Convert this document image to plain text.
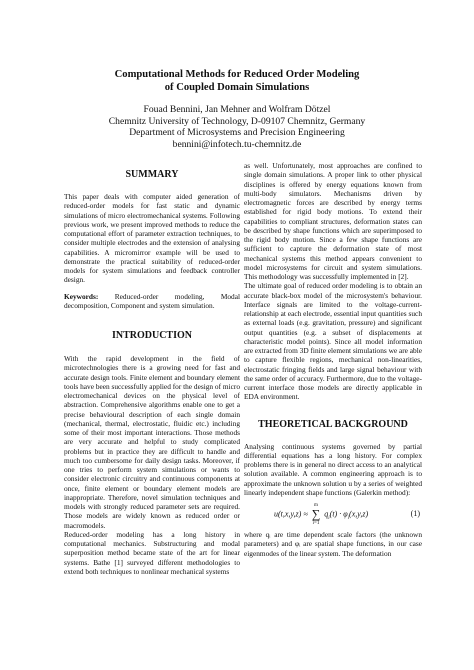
Computational Methods for Reduced Order Modeling
of Coupled Domain Simulations
Fouad Bennini, Jan Mehner and Wolfram Dötzel
Chemnitz University of Technology, D-09107 Chemnitz, Germany
Department of Microsystems and Precision Engineering
bennini@infotech.tu-chemnitz.de
SUMMARY

This paper deals with computer aided generation of reduced-order models for fast static and dynamic simulations of micro electromechanical systems. Following previous work, we present improved methods to reduce the computational effort of parameter extraction techniques, to consider multiple electrodes and the extension of analysing capabilities. A micromirror example will be used to demonstrate the practical suitability of reduced-order models for system simulations and feedback controller design.

Keywords: Reduced-order modeling, Modal decomposition, Component and system simulation.

INTRODUCTION

With the rapid development in the field of microtechnologies there is a growing need for fast and accurate design tools. Finite element and boundary element tools have been successfully applied for the design of micro electromechanical devices on the physical level of abstraction. Comprehensive algorithms enable one to get a precise behavioural description of each single domain (mechanical, thermal, electrostatic, fluidic etc.) including some of their most important interactions. Those methods are very accurate and helpful to study complicated problems but in practice they are difficult to handle and much too cumbersome for daily design tasks. Moreover, if one tries to perform system simulations or wants to consider electronic circuitry and continuous components at once, finite element or boundary element models are inappropriate. Therefore, novel simulation techniques and models with strongly reduced parameter sets are required. Those models are widely known as reduced order or macromodels.

Reduced-order modeling has a long history in computational mechanics. Substructuring and modal superposition method became state of the art for linear systems. Bathe [1] surveyed different methodologies to extend both techniques to nonlinear mechanical systems

as well. Unfortunately, most approaches are confined to single domain simulations. A proper link to other physical disciplines is offered by energy equations known from multi-body simulators. Mechanisms driven by electromagnetic forces are described by energy terms established for rigid body motions. To extend their capabilities to compliant structures, deformation states can be described by shape functions which are superimposed to the rigid body motion. Since a few shape functions are sufficient to capture the deformation state of most mechanical systems this method appears convenient to model microsystems for circuit and system simulations. This methodology was successfully implemented in [2].

The ultimate goal of reduced order modeling is to obtain an accurate black-box model of the microsystem's behaviour. Interface signals are limited to the voltage-current-relationship at each electrode, essential input quantities such as external loads (e.g. gravitation, pressure) and significant output quantities (e.g. a subset of displacements at characteristic model points). Since all model information are extracted from 3D finite element simulations we are able to capture flexible regions, mechanical non-linearities, electrostatic fringing fields and large signal behaviour with the same order of accuracy. Furthermore, due to the voltage-current interface those models are directly applicable in EDA environment.

THEORETICAL BACKGROUND

Analysing continuous systems governed by partial differential equations has a long history. For complex problems there is in general no direct access to an analytical solution available. A common engineering approach is to approximate the unknown solution u by a series of weighted linearly independent shape functions (Galerkin method):

u(t,x,y,z) ≈
m
∑
i=1
$q_i(t) \cdot \varphi_i(x,y,z)$	(1)

where qᵢ are time dependent scale factors (the unknown parameters) and φᵢ are spatial shape functions, in our case eigenmodes of the linear system. The deformation
